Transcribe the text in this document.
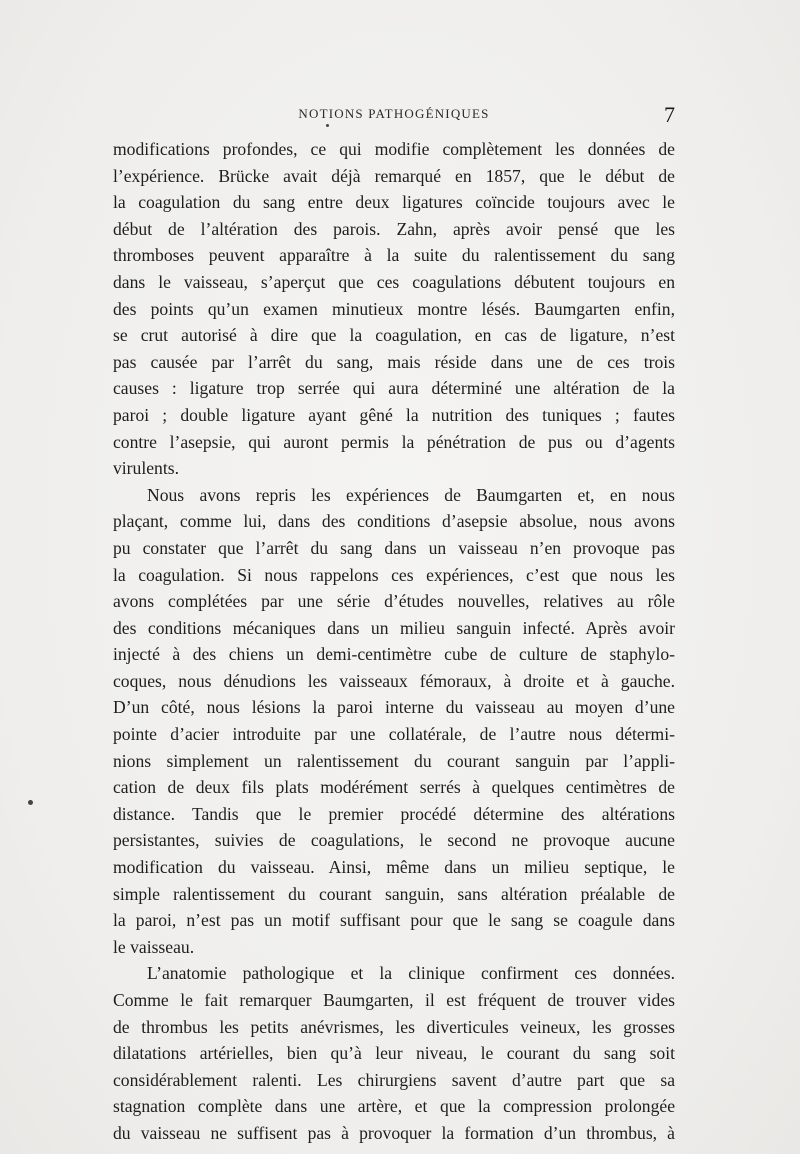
NOTIONS PATHOGÉNIQUES	7
modifications profondes, ce qui modifie complètement les données de
l’expérience. Brücke avait déjà remarqué en 1857, que le début de
la coagulation du sang entre deux ligatures coïncide toujours avec le
début de l’altération des parois. Zahn, après avoir pensé que les
thromboses peuvent apparaître à la suite du ralentissement du sang
dans le vaisseau, s’aperçut que ces coagulations débutent toujours en
des points qu’un examen minutieux montre lésés. Baumgarten enfin,
se crut autorisé à dire que la coagulation, en cas de ligature, n’est
pas causée par l’arrêt du sang, mais réside dans une de ces trois
causes : ligature trop serrée qui aura déterminé une altération de la
paroi ; double ligature ayant gêné la nutrition des tuniques ; fautes
contre l’asepsie, qui auront permis la pénétration de pus ou d’agents
virulents.
Nous avons repris les expériences de Baumgarten et, en nous
plaçant, comme lui, dans des conditions d’asepsie absolue, nous avons
pu constater que l’arrêt du sang dans un vaisseau n’en provoque pas
la coagulation. Si nous rappelons ces expériences, c’est que nous les
avons complétées par une série d’études nouvelles, relatives au rôle
des conditions mécaniques dans un milieu sanguin infecté. Après avoir
injecté à des chiens un demi-centimètre cube de culture de staphylo-
coques, nous dénudions les vaisseaux fémoraux, à droite et à gauche.
D’un côté, nous lésions la paroi interne du vaisseau au moyen d’une
pointe d’acier introduite par une collatérale, de l’autre nous détermi-
nions simplement un ralentissement du courant sanguin par l’appli-
cation de deux fils plats modérément serrés à quelques centimètres de
distance. Tandis que le premier procédé détermine des altérations
persistantes, suivies de coagulations, le second ne provoque aucune
modification du vaisseau. Ainsi, même dans un milieu septique, le
simple ralentissement du courant sanguin, sans altération préalable de
la paroi, n’est pas un motif suffisant pour que le sang se coagule dans
le vaisseau.
L’anatomie pathologique et la clinique confirment ces données.
Comme le fait remarquer Baumgarten, il est fréquent de trouver vides
de thrombus les petits anévrismes, les diverticules veineux, les grosses
dilatations artérielles, bien qu’à leur niveau, le courant du sang soit
considérablement ralenti. Les chirurgiens savent d’autre part que sa
stagnation complète dans une artère, et que la compression prolongée
du vaisseau ne suffisent pas à provoquer la formation d’un thrombus, à
